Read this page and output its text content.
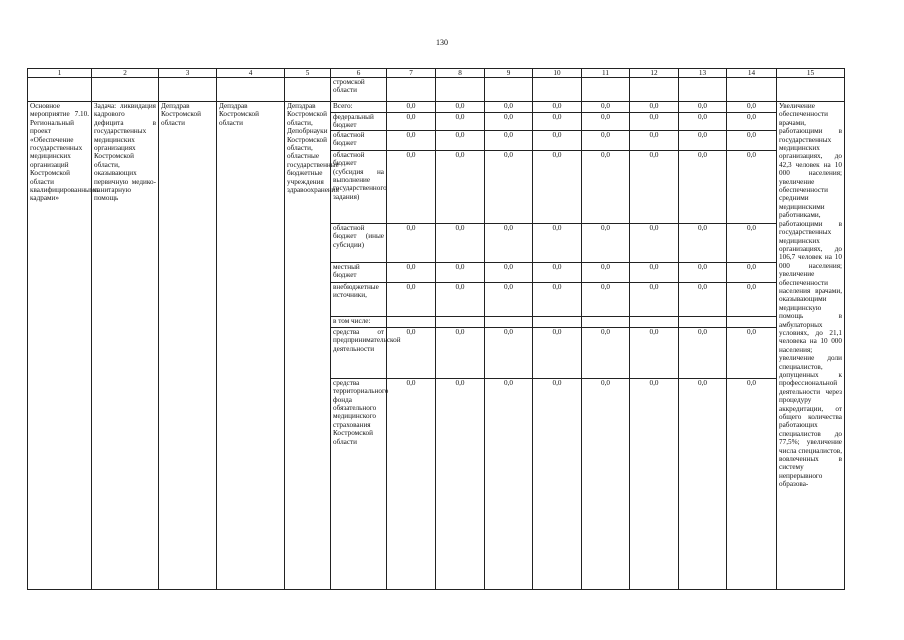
130
1	2	3	4	5	6	7	8	9	10	11	12	13	14	15
					стромской области									
Основное мероприятие 7.10. Региональный проект «Обеспечение государственных медицинских организаций Костромской области квалифицированными кадрами»	Задача: ликвидация кадрового дефицита в государственных медицинских организациях Костромской области, оказывающих первичную медико-санитарную помощь	Депздрав Костромской области	Депздрав Костромской области	Депздрав Костромской области, Депобрнауки Костромской области, областные государственные бюджетные учреждения здравоохранения	Всего:	0,0	0,0	0,0	0,0	0,0	0,0	0,0	0,0	Увеличение обеспеченности врачами, работающими в государственных медицинских организациях, до 42,3 человек на 10 000 населения; увеличение обеспеченности средними медицинскими работниками, работающими в государственных медицинских организациях, до 106,7 человек на 10 000 населения; увеличение обеспеченности населения врачами, оказывающими медицинскую помощь в амбулаторных условиях, до 21,1 человека на 10 000 населения; увеличение доли специалистов, допущенных к профессиональной деятельности через процедуру аккредитации, от общего количества работающих специалистов до 77,5%; увеличение числа специалистов, вовлеченных в систему непрерывного образова-
					федеральный бюджет	0,0	0,0	0,0	0,0	0,0	0,0	0,0	0,0	
					областной бюджет	0,0	0,0	0,0	0,0	0,0	0,0	0,0	0,0	
					областной бюджет (субсидия на выполнение государственного задания)	0,0	0,0	0,0	0,0	0,0	0,0	0,0	0,0	
					областной бюджет (иные субсидии)	0,0	0,0	0,0	0,0	0,0	0,0	0,0	0,0	
					местный бюджет	0,0	0,0	0,0	0,0	0,0	0,0	0,0	0,0	
					внебюджетные источники,	0,0	0,0	0,0	0,0	0,0	0,0	0,0	0,0	
					в том числе:									
					средства от предпринимательской деятельности	0,0	0,0	0,0	0,0	0,0	0,0	0,0	0,0	
					средства территориального фонда обязательного медицинского страхования Костромской области	0,0	0,0	0,0	0,0	0,0	0,0	0,0	0,0	
